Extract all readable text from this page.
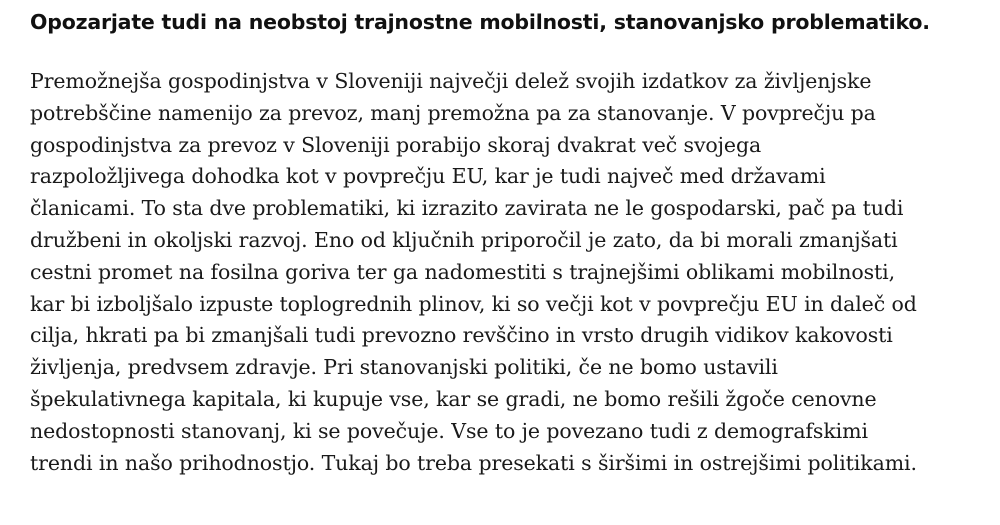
Opozarjate tudi na neobstoj trajnostne mobilnosti, stanovanjsko problematiko.

Premožnejša gospodinjstva v Sloveniji največji delež svojih izdatkov za življenjske
potrebščine namenijo za prevoz, manj premožna pa za stanovanje. V povprečju pa
gospodinjstva za prevoz v Sloveniji porabijo skoraj dvakrat več svojega
razpoložljivega dohodka kot v povprečju EU, kar je tudi največ med državami
članicami. To sta dve problematiki, ki izrazito zavirata ne le gospodarski, pač pa tudi
družbeni in okoljski razvoj. Eno od ključnih priporočil je zato, da bi morali zmanjšati
cestni promet na fosilna goriva ter ga nadomestiti s trajnejšimi oblikami mobilnosti,
kar bi izboljšalo izpuste toplogrednih plinov, ki so večji kot v povprečju EU in daleč od
cilja, hkrati pa bi zmanjšali tudi prevozno revščino in vrsto drugih vidikov kakovosti
življenja, predvsem zdravje. Pri stanovanjski politiki, če ne bomo ustavili
špekulativnega kapitala, ki kupuje vse, kar se gradi, ne bomo rešili žgoče cenovne
nedostopnosti stanovanj, ki se povečuje. Vse to je povezano tudi z demografskimi
trendi in našo prihodnostjo. Tukaj bo treba presekati s širšimi in ostrejšimi politikami.
